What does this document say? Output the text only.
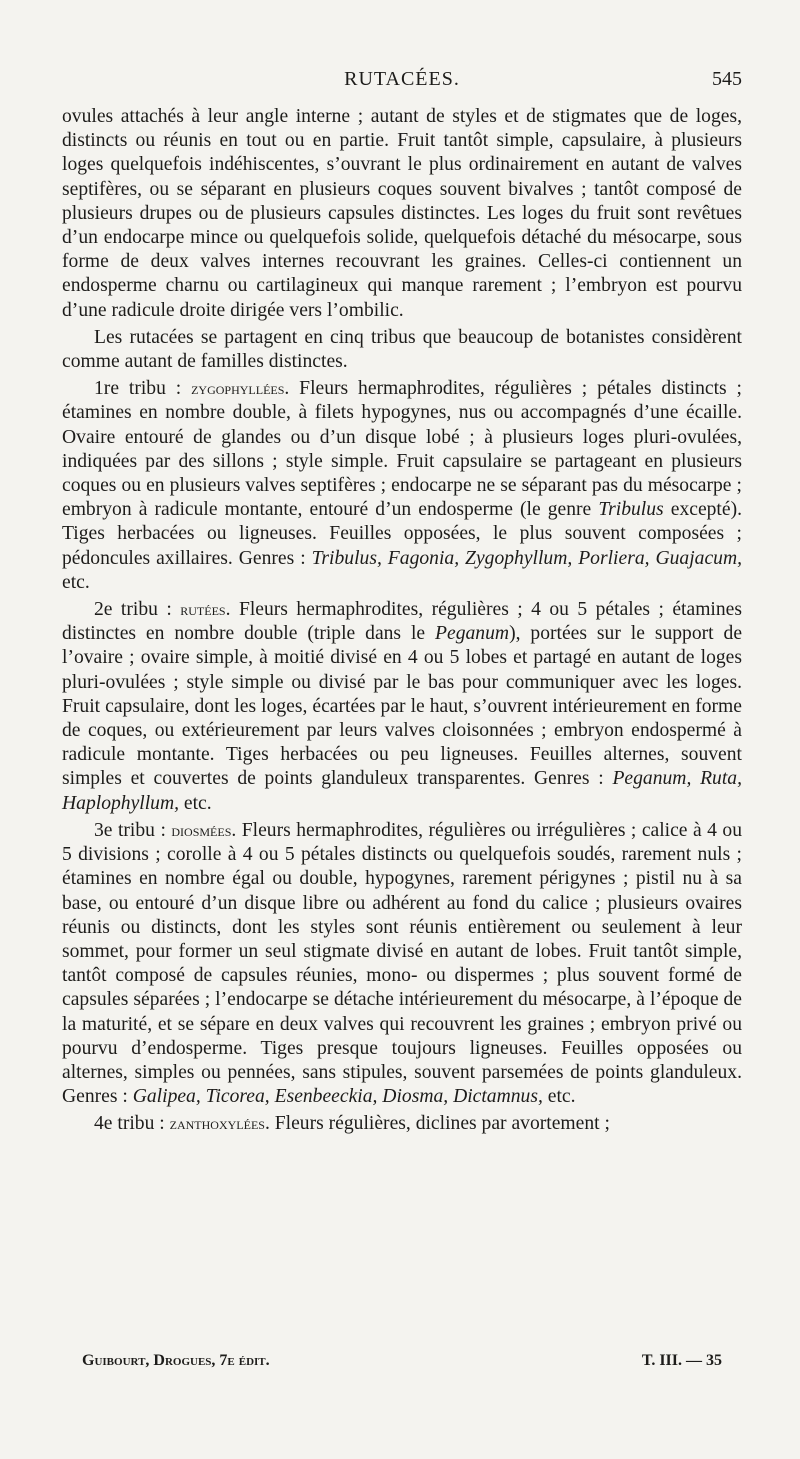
RUTACÉES.	545

ovules attachés à leur angle interne ; autant de styles et de stigmates que de loges, distincts ou réunis en tout ou en partie. Fruit tantôt simple, capsulaire, à plusieurs loges quelquefois indéhiscentes, s’ouvrant le plus ordinairement en autant de valves septifères, ou se séparant en plusieurs coques souvent bivalves ; tantôt composé de plusieurs drupes ou de plusieurs capsules distinctes. Les loges du fruit sont revêtues d’un endocarpe mince ou quelquefois solide, quelquefois détaché du mésocarpe, sous forme de deux valves internes recouvrant les graines. Celles-ci contiennent un endosperme charnu ou cartilagineux qui manque rarement ; l’embryon est pourvu d’une radicule droite dirigée vers l’ombilic.

Les rutacées se partagent en cinq tribus que beaucoup de botanistes considèrent comme autant de familles distinctes.

1re tribu : zygophyllées. Fleurs hermaphrodites, régulières ; pétales distincts ; étamines en nombre double, à filets hypogynes, nus ou accompagnés d’une écaille. Ovaire entouré de glandes ou d’un disque lobé ; à plusieurs loges pluri-ovulées, indiquées par des sillons ; style simple. Fruit capsulaire se partageant en plusieurs coques ou en plusieurs valves septifères ; endocarpe ne se séparant pas du mésocarpe ; embryon à radicule montante, entouré d’un endosperme (le genre Tribulus excepté). Tiges herbacées ou ligneuses. Feuilles opposées, le plus souvent composées ; pédoncules axillaires. Genres : Tribulus, Fagonia, Zygophyllum, Porliera, Guajacum, etc.

2e tribu : rutées. Fleurs hermaphrodites, régulières ; 4 ou 5 pétales ; étamines distinctes en nombre double (triple dans le Peganum), portées sur le support de l’ovaire ; ovaire simple, à moitié divisé en 4 ou 5 lobes et partagé en autant de loges pluri-ovulées ; style simple ou divisé par le bas pour communiquer avec les loges. Fruit capsulaire, dont les loges, écartées par le haut, s’ouvrent intérieurement en forme de coques, ou extérieurement par leurs valves cloisonnées ; embryon endospermé à radicule montante. Tiges herbacées ou peu ligneuses. Feuilles alternes, souvent simples et couvertes de points glanduleux transparentes. Genres : Peganum, Ruta, Haplophyllum, etc.

3e tribu : diosmées. Fleurs hermaphrodites, régulières ou irrégulières ; calice à 4 ou 5 divisions ; corolle à 4 ou 5 pétales distincts ou quelquefois soudés, rarement nuls ; étamines en nombre égal ou double, hypogynes, rarement périgynes ; pistil nu à sa base, ou entouré d’un disque libre ou adhérent au fond du calice ; plusieurs ovaires réunis ou distincts, dont les styles sont réunis entièrement ou seulement à leur sommet, pour former un seul stigmate divisé en autant de lobes. Fruit tantôt simple, tantôt composé de capsules réunies, mono- ou dispermes ; plus souvent formé de capsules séparées ; l’endocarpe se détache intérieurement du mésocarpe, à l’époque de la maturité, et se sépare en deux valves qui recouvrent les graines ; embryon privé ou pourvu d’endosperme. Tiges presque toujours ligneuses. Feuilles opposées ou alternes, simples ou pennées, sans stipules, souvent parsemées de points glanduleux. Genres : Galipea, Ticorea, Esenbeeckia, Diosma, Dictamnus, etc.

4e tribu : zanthoxylées. Fleurs régulières, diclines par avortement ;

Guibourt, Drogues, 7e édit.	T. III. — 35
